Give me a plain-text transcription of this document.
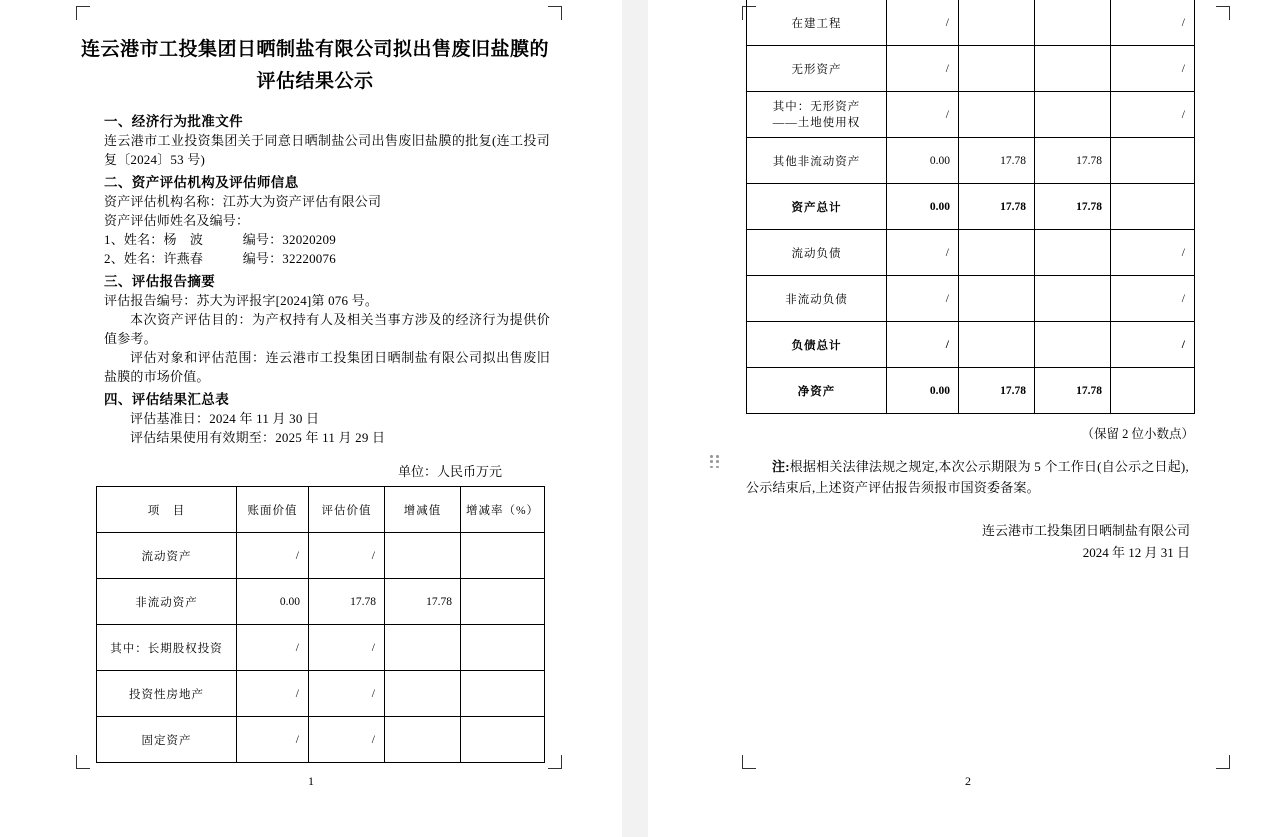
连云港市工投集团日晒制盐有限公司拟出售废旧盐膜的评估结果公示
一、经济行为批准文件

连云港市工业投资集团关于同意日晒制盐公司出售废旧盐膜的批复(连工投司复〔2024〕53 号)

二、资产评估机构及评估师信息

资产评估机构名称：江苏大为资产评估有限公司

资产评估师姓名及编号：

1、姓名：杨　波　　　编号：32020209

2、姓名：许燕春　　　编号：32220076

三、评估报告摘要

评估报告编号：苏大为评报字[2024]第 076 号。

本次资产评估目的：为产权持有人及相关当事方涉及的经济行为提供价值参考。

评估对象和评估范围：连云港市工投集团日晒制盐有限公司拟出售废旧盐膜的市场价值。

四、评估结果汇总表

评估基准日：2024 年 11 月 30 日

评估结果使用有效期至：2025 年 11 月 29 日

单位：人民币万元
项　目	账面价值	评估价值	增减值	增减率（%）
流动资产	/	/		
非流动资产	0.00	17.78	17.78	
其中：长期股权投资	/	/		
投资性房地产	/	/		
固定资产	/	/		
1
在建工程	/			/
无形资产	/			/
其中：无形资产
——土地使用权	/			/
其他非流动资产	0.00	17.78	17.78	
资产总计	0.00	17.78	17.78	
流动负债	/			/
非流动负债	/			/
负债总计	/			/
净资产	0.00	17.78	17.78	
（保留 2 位小数点）

注:根据相关法律法规之规定,本次公示期限为 5 个工作日(自公示之日起),公示结束后,上述资产评估报告须报市国资委备案。

连云港市工投集团日晒制盐有限公司
2024 年 12 月 31 日
2
